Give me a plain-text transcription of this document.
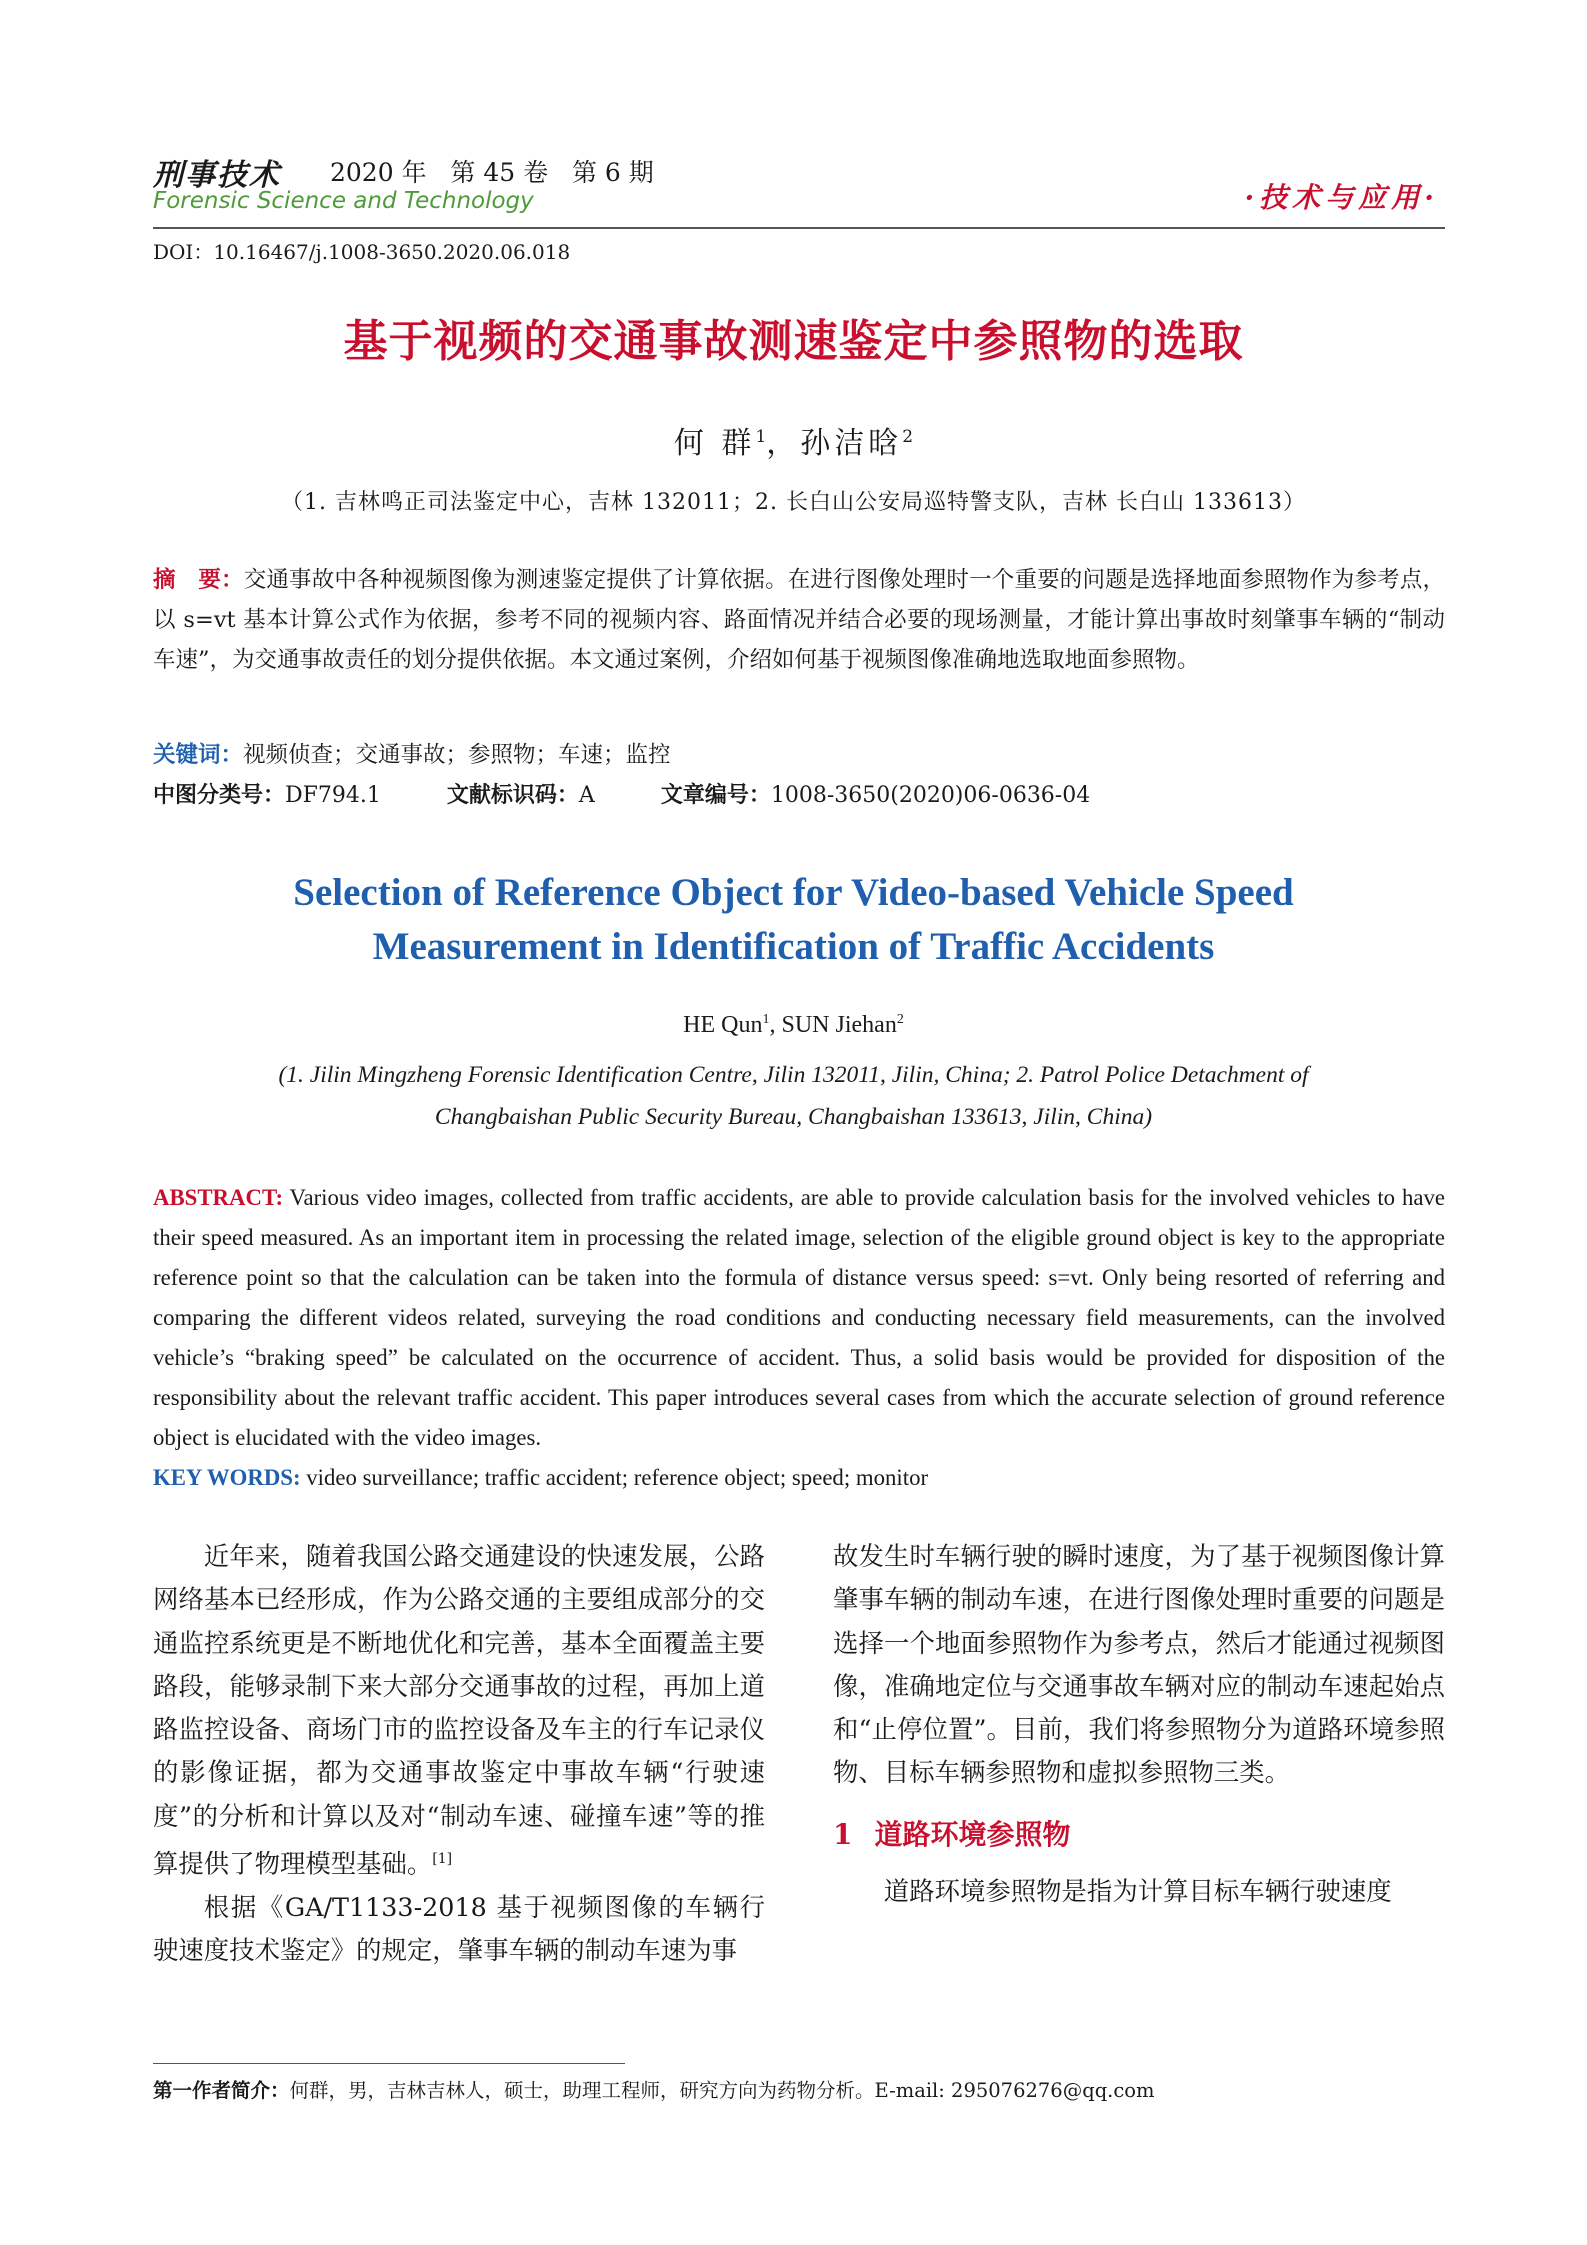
刑事技术 2020 年   第 45 卷   第 6 期
Forensic Science and Technology	·技术与应用·
DOI：10.16467/j.1008-3650.2020.06.018
基于视频的交通事故测速鉴定中参照物的选取
何 群$^1$，孙洁晗$^2$
（1. 吉林鸣正司法鉴定中心，吉林 132011；2. 长白山公安局巡特警支队，吉林 长白山 133613）
摘　要：交通事故中各种视频图像为测速鉴定提供了计算依据。在进行图像处理时一个重要的问题是选择地面参照物作为参考点，以 s=vt 基本计算公式作为依据，参考不同的视频内容、路面情况并结合必要的现场测量，才能计算出事故时刻肇事车辆的“制动车速”，为交通事故责任的划分提供依据。本文通过案例，介绍如何基于视频图像准确地选取地面参照物。
关键词：视频侦查；交通事故；参照物；车速；监控
中图分类号：DF794.1	文献标识码：A	文章编号：1008-3650(2020)06-0636-04
Selection of Reference Object for Video-based Vehicle Speed
Measurement in Identification of Traffic Accidents
HE Qun$^1$, SUN Jiehan$^2$
(1. Jilin Mingzheng Forensic Identification Centre, Jilin 132011, Jilin, China; 2. Patrol Police Detachment of
Changbaishan Public Security Bureau, Changbaishan 133613, Jilin, China)
ABSTRACT: Various video images, collected from traffic accidents, are able to provide calculation basis for the involved vehicles to have their speed measured. As an important item in processing the related image, selection of the eligible ground object is key to the appropriate reference point so that the calculation can be taken into the formula of distance versus speed: s=vt. Only being resorted of referring and comparing the different videos related, surveying the road conditions and conducting necessary field measurements, can the involved vehicle’s “braking speed” be calculated on the occurrence of accident. Thus, a solid basis would be provided for disposition of the responsibility about the relevant traffic accident. This paper introduces several cases from which the accurate selection of ground reference object is elucidated with the video images.
KEY WORDS: video surveillance; traffic accident; reference object; speed; monitor

近年来，随着我国公路交通建设的快速发展，公路网络基本已经形成，作为公路交通的主要组成部分的交通监控系统更是不断地优化和完善，基本全面覆盖主要路段，能够录制下来大部分交通事故的过程，再加上道路监控设备、商场门市的监控设备及车主的行车记录仪的影像证据，都为交通事故鉴定中事故车辆“行驶速度”的分析和计算以及对“制动车速、碰撞车速”等的推算提供了物理模型基础。[1]

根据《GA/T1133-2018 基于视频图像的车辆行驶速度技术鉴定》的规定，肇事车辆的制动车速为事

故发生时车辆行驶的瞬时速度，为了基于视频图像计算肇事车辆的制动车速，在进行图像处理时重要的问题是选择一个地面参照物作为参考点，然后才能通过视频图像，准确地定位与交通事故车辆对应的制动车速起始点和“止停位置”。目前，我们将参照物分为道路环境参照物、目标车辆参照物和虚拟参照物三类。

1 道路环境参照物

道路环境参照物是指为计算目标车辆行驶速度

第一作者简介：何群，男，吉林吉林人，硕士，助理工程师，研究方向为药物分析。E-mail: 295076276@qq.com
